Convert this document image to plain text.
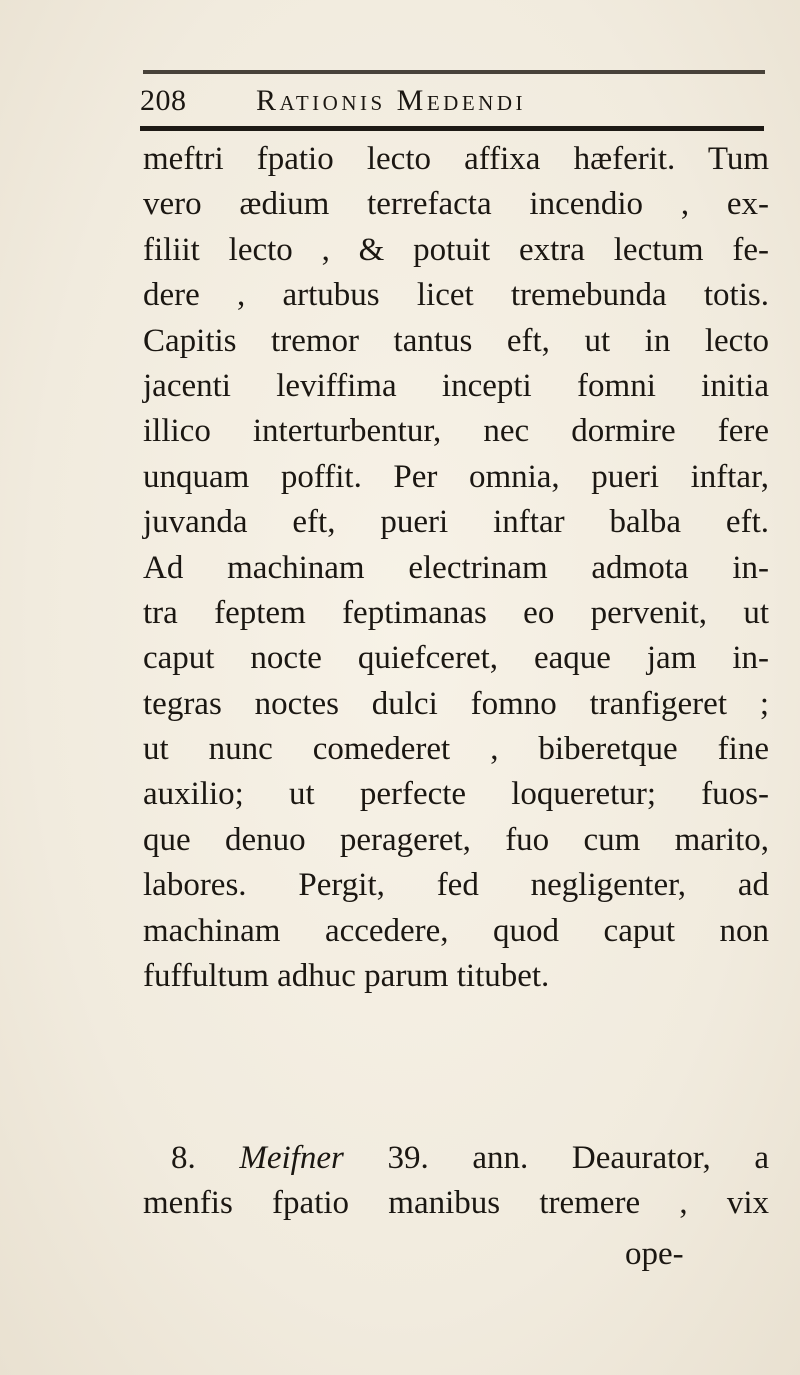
208 Rationis Medendi
meftri fpatio lecto affixa hæferit. Tum
vero ædium terrefacta incendio , ex-
filiit lecto , & potuit extra lectum fe-
dere , artubus licet tremebunda totis.
Capitis tremor tantus eft, ut in lecto
jacenti leviffima incepti fomni initia
illico interturbentur, nec dormire fere
unquam poffit. Per omnia, pueri inftar,
juvanda eft, pueri inftar balba eft.
Ad machinam electrinam admota in-
tra feptem feptimanas eo pervenit, ut
caput nocte quiefceret, eaque jam in-
tegras noctes dulci fomno tranfigeret ;
ut nunc comederet , biberetque fine
auxilio; ut perfecte loqueretur; fuos-
que denuo perageret, fuo cum marito,
labores. Pergit, fed negligenter, ad
machinam accedere, quod caput non
fuffultum adhuc parum titubet.
8. Meifner 39. ann. Deaurator, a
menfis fpatio manibus tremere , vix
ope-
